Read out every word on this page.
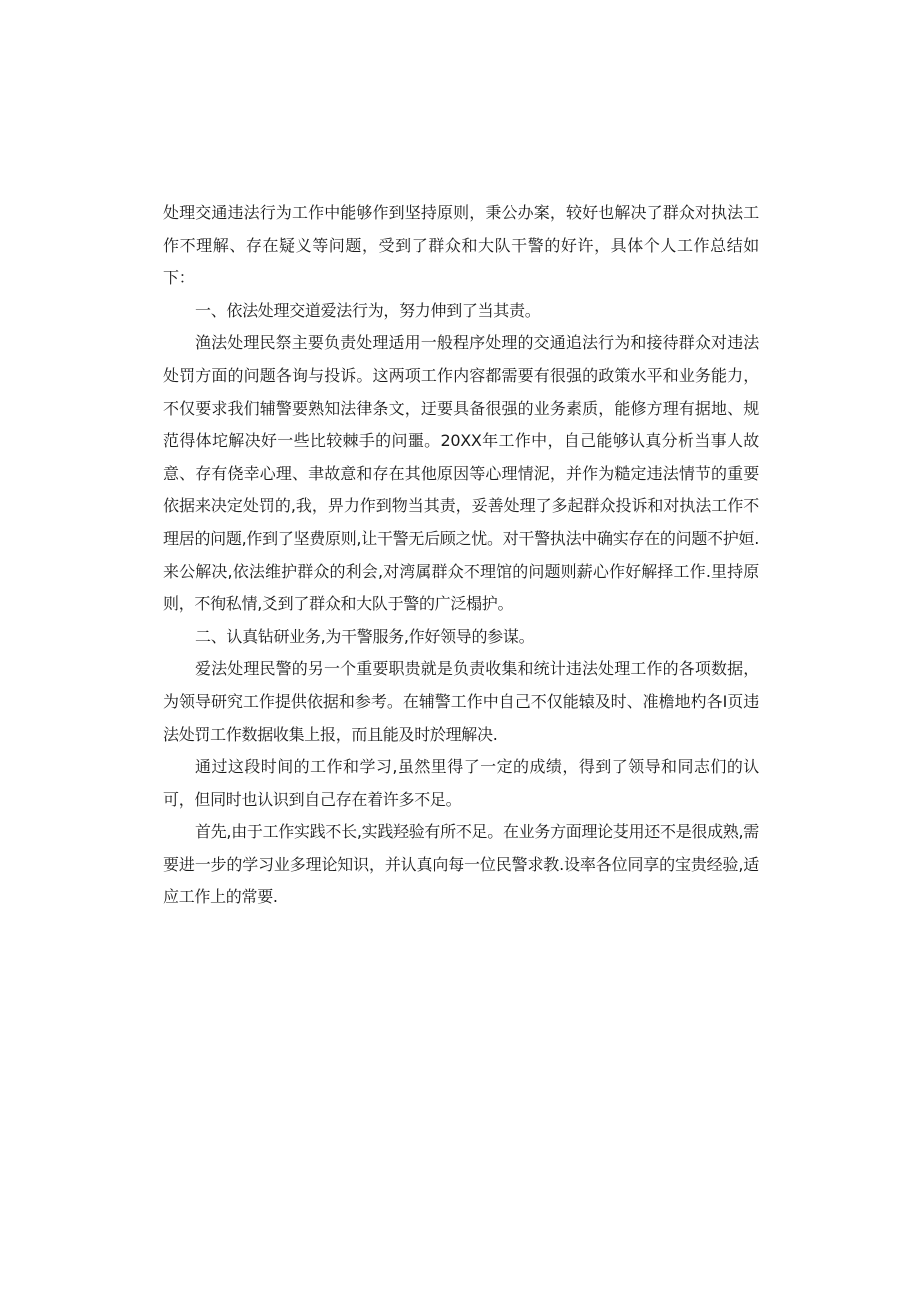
处理交通违法行为工作中能够作到坚持原则，秉公办案，较好也解决了群众对执法工作不理解、存在疑义等问题，受到了群众和大队干警的好许，具体个人工作总结如下：

一、依法处理交道爱法行为，努力伸到了当其责。

渔法处理民祭主要负责处理适用一般程序处理的交通追法行为和接待群众对违法处罚方面的问题各询与投诉。这两项工作内容都需要有很强的政策水平和业务能力，不仅要求我们辅警要熟知法律条文，迂要具备很强的业务素质，能修方理有据地、规范得体坨解决好一些比较棘手的问噩。20XX年工作中，自己能够认真分析当事人故意、存有侥幸心理、聿故意和存在其他原因等心理情泥，并作为糙定违法情节的重要依据来决定处罚的,我，畀力作到物当其责，妥善处理了多起群众投诉和对执法工作不理居的问题,作到了坚费原则,让干警无后顾之忧。对干警执法中确实存在的问题不护姮.来公解决,依法维护群众的利会,对湾属群众不理馆的问题则薪心作好解择工作.里持原则，不徇私情,爻到了群众和大队于警的广泛榻护。

二、认真钻研业务,为干警服务,作好领导的参谋。

爱法处理民警的另一个重要职贵就是负责收集和统计违法处理工作的各项数据，为领导研究工作提供依据和参考。在辅警工作中自己不仅能辕及时、准檐地杓各I页违法处罚工作数据收集上报，而且能及时於理解决.

通过这段时间的工作和学习,虽然里得了一定的成绩，得到了领导和同志们的认可，但同时也认识到自己存在着许多不足。

首先,由于工作实践不长,实践羟验有所不足。在业务方面理论芟用还不是很成熟,需要进一步的学习业多理论知识，并认真向每一位民警求教.设率各位同享的宝贵经验,适应工作上的常要.
